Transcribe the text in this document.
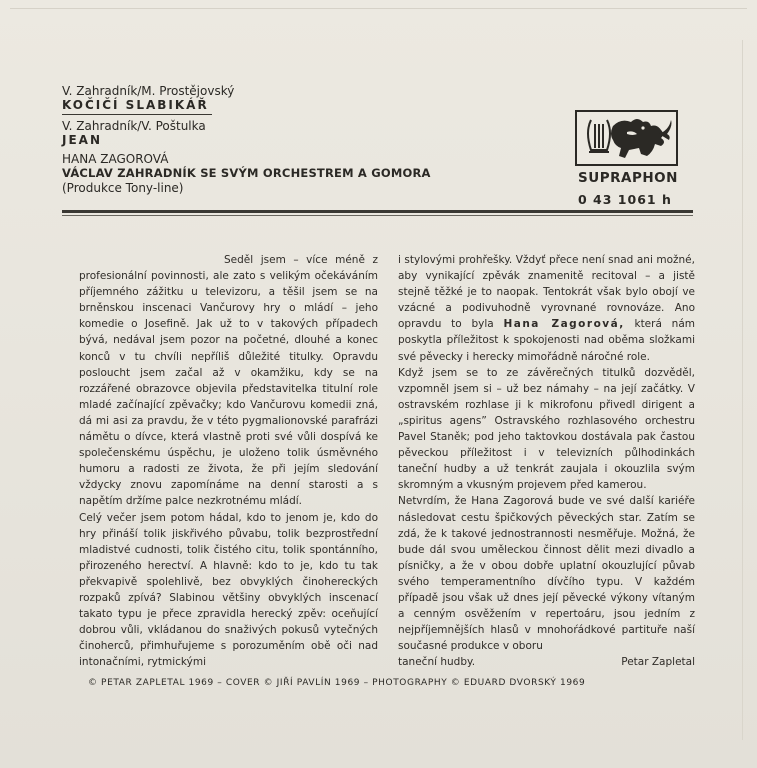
V. Zahradník/M. Prostějovský
KOČIČÍ SLABIKÁŘ
V. Zahradník/V. Poštulka
JEAN
HANA ZAGOROVÁ
VÁCLAV ZAHRADNÍK SE SVÝM ORCHESTREM A GOMORA
(Produkce Tony-line)
SUPRAPHON
0 43 1061 h

Seděl jsem – více méně z profesionální povinnosti, ale zato s velikým očekáváním příjemného zážitku u televizoru, a těšil jsem se na brněnskou inscenaci Vančurovy hry o mládí – jeho komedie o Josefině. Jak už to v takových případech bývá, nedával jsem pozor na početné, dlouhé a konec konců v tu chvíli nepříliš důležité titulky. Opravdu posloucht jsem začal až v okamžiku, kdy se na rozzářené obrazovce objevila představitelka titulní role mladé začínající zpěvačky; kdo Vančurovu komedii zná, dá mi asi za pravdu, že v této pygmalionovské parafrázi námětu o dívce, která vlastně proti své vůli dospívá ke společenskému úspěchu, je uloženo tolik úsměvného humoru a radosti ze života, že při jejím sledování vždycky znovu zapomínáme na denní starosti a s napětím držíme palce nezkrotnému mládí.

Celý večer jsem potom hádal, kdo to jenom je, kdo do hry přináší tolik jiskřivého půvabu, tolik bezprostřední mladistvé cudnosti, tolik čistého citu, tolik spontánního, přirozeného herectví. A hlavně: kdo to je, kdo tu tak překvapivě spolehlivě, bez obvyklých činohereckých rozpaků zpívá? Slabinou většiny obvyklých inscenací takato typu je přece zpravidla herecký zpěv: oceňující dobrou vůli, vkládanou do snaživých pokusů vytečných činoherců, přimhuřujeme s porozuměním obě oči nad intonačními, rytmickými

i stylovými prohřešky. Vždyť přece není snad ani možné, aby vynikající zpěvák znamenitě recitoval – a jistě stejně těžké je to naopak. Tentokrát však bylo obojí ve vzácné a podivuhodně vyrovnané rovnováze. Ano opravdu to byla Hana Zagorová, která nám poskytla příležitost k spokojenosti nad oběma složkami své pěvecky i herecky mimořádně náročné role.

Když jsem se to ze závěrečných titulků dozvěděl, vzpomněl jsem si – už bez námahy – na její začátky. V ostravském rozhlase ji k mikrofonu přivedl dirigent a „spiritus agens” Ostravského rozhlasového orchestru Pavel Staněk; pod jeho taktovkou dostávala pak častou pěveckou příležitost i v televizních půlhodinkách taneční hudby a už tenkrát zaujala i okouzlila svým skromným a vkusným projevem před kamerou.

Netvrdím, že Hana Zagorová bude ve své další kariéře následovat cestu špičkových pěveckých star. Zatím se zdá, že k takové jednostrannosti nesměřuje. Možná, že bude dál svou uměleckou činnost dělit mezi divadlo a písničky, a že v obou dobře uplatní okouzlující půvab svého temperamentního dívčího typu. V každém případě jsou však už dnes její pěvecké výkony vítaným a cenným osvěžením v repertoáru, jsou jedním z nejpříjemnějších hlasů v mnohoŕádkové partituře naší současné produkce v oboru

taneční hudby.	Petar Zapletal
© PETAR ZAPLETAL 1969 – COVER © JIŘÍ PAVLÍN 1969 – PHOTOGRAPHY © EDUARD DVORSKÝ 1969
